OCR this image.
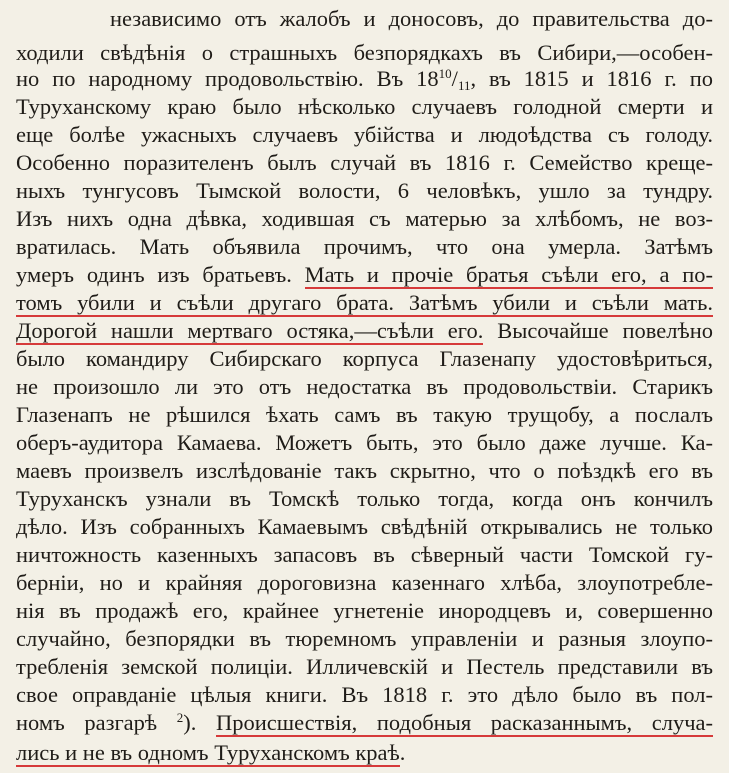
независимо отъ жалобъ и доносовъ, до правительства до-
ходили свѣдѣнія о страшныхъ безпорядкахъ въ Сибири,—особен-
но по народному продовольствію. Въ $18^{10}/_{11}$, въ 1815 и 1816 г. по
Туруханскому краю было нѣсколько случаевъ голодной смерти и
еще болѣе ужасныхъ случаевъ убійства и людоѣдства съ голоду.
Особенно поразителенъ былъ случай въ 1816 г. Семейство креще-
ныхъ тунгусовъ Тымской волости, 6 человѣкъ, ушло за тундру.
Изъ нихъ одна дѣвка, ходившая съ матерью за хлѣбомъ, не воз-
вратилась. Мать объявила прочимъ, что она умерла. Затѣмъ
умеръ одинъ изъ братьевъ. Мать и прочіе братья съѣли его, а по-
томъ убили и съѣли другаго брата. Затѣмъ убили и съѣли мать.
Дорогой нашли мертваго остяка,—съѣли его. Высочайше повелѣно
было командиру Сибирскаго корпуса Глазенапу удостовѣриться,
не произошло ли это отъ недостатка въ продовольствіи. Старикъ
Глазенапъ не рѣшился ѣхать самъ въ такую трущобу, а послалъ
оберъ-аудитора Камаева. Можетъ быть, это было даже лучше. Ка-
маевъ произвелъ изслѣдованіе такъ скрытно, что о поѣздкѣ его въ
Туруханскъ узнали въ Томскѣ только тогда, когда онъ кончилъ
дѣло. Изъ собранныхъ Камаевымъ свѣдѣній открывались не только
ничтожность казенныхъ запасовъ въ сѣверный части Томской гу-
берніи, но и крайняя дороговизна казеннаго хлѣба, злоупотребле-
нія въ продажѣ его, крайнее угнетеніе инородцевъ и, совершенно
случайно, безпорядки въ тюремномъ управленіи и разныя злоупо-
требленія земской полиціи. Илличевскій и Пестель представили въ
свое оправданіе цѣлыя книги. Въ 1818 г. это дѣло было въ пол-
номъ разгарѣ $^2$). Происшествія, подобныя расказаннымъ, случа-
лись и не въ одномъ Туруханскомъ краѣ.
